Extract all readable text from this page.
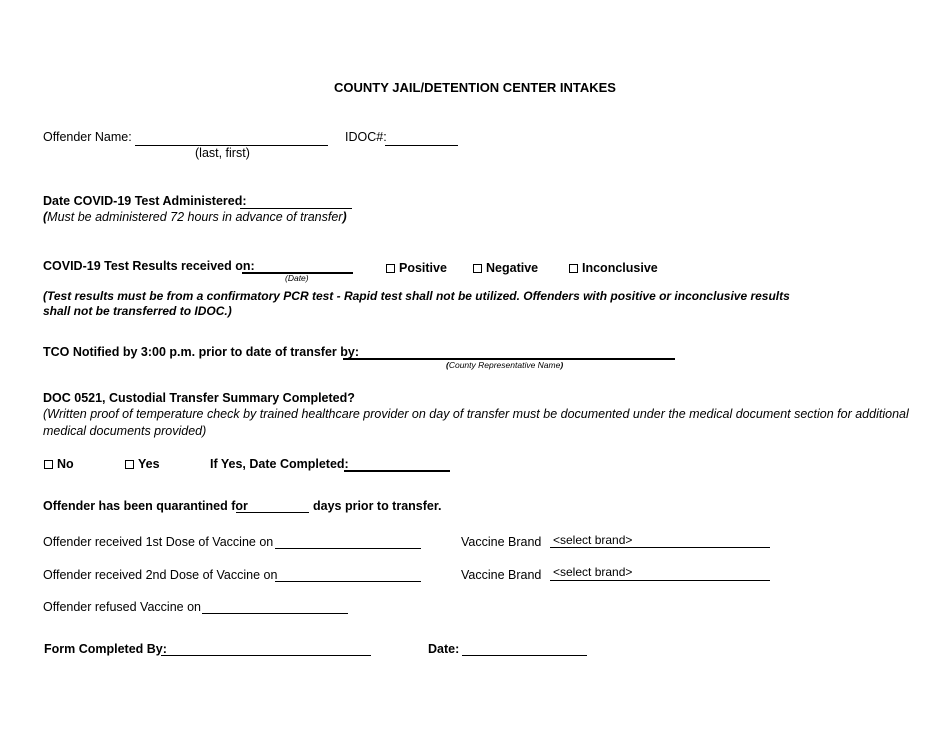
COUNTY JAIL/DETENTION CENTER INTAKES
Offender Name:
(last, first)
IDOC#:
Date COVID-19 Test Administered:
(Must be administered 72 hours in advance of transfer)
COVID-19 Test Results received on:
(Date)
Positive	Negative	Inconclusive
(Test results must be from a confirmatory PCR test - Rapid test shall not be utilized. Offenders with positive or inconclusive results
shall not be transferred to IDOC.)
TCO Notified by 3:00 p.m. prior to date of transfer by:
(County Representative Name)
DOC 0521, Custodial Transfer Summary Completed?
(Written proof of temperature check by trained healthcare provider on day of transfer must be documented under the medical document section for additional
medical documents provided)
No	Yes	If Yes, Date Completed:
Offender has been quarantined for	days prior to transfer.
Offender received 1st Dose of Vaccine on	Vaccine Brand <select brand>
Offender received 2nd Dose of Vaccine on	Vaccine Brand <select brand>
Offender refused Vaccine on
Form Completed By:	Date:
